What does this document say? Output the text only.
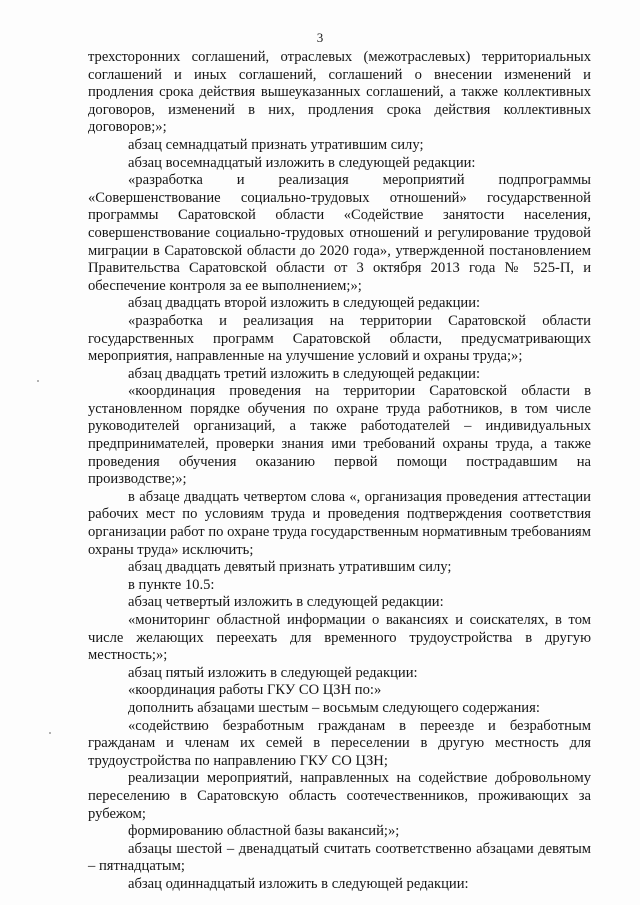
3

трехсторонних соглашений, отраслевых (межотраслевых) территориальных соглашений и иных соглашений, соглашений о внесении изменений и продления срока действия вышеуказанных соглашений, а также коллективных договоров, изменений в них, продления срока действия коллективных договоров;»;

абзац семнадцатый признать утратившим силу;

абзац восемнадцатый изложить в следующей редакции:

«разработка и реализация мероприятий подпрограммы «Совершенствование социально-трудовых отношений» государственной программы Саратовской области «Содействие занятости населения, совершенствование социально-трудовых отношений и регулирование трудовой миграции в Саратовской области до 2020 года», утвержденной постановлением Правительства Саратовской области от 3 октября 2013 года № 525-П, и обеспечение контроля за ее выполнением;»;

абзац двадцать второй изложить в следующей редакции:

«разработка и реализация на территории Саратовской области государственных программ Саратовской области, предусматривающих мероприятия, направленные на улучшение условий и охраны труда;»;

абзац двадцать третий изложить в следующей редакции:

«координация проведения на территории Саратовской области в установленном порядке обучения по охране труда работников, в том числе руководителей организаций, а также работодателей – индивидуальных предпринимателей, проверки знания ими требований охраны труда, а также проведения обучения оказанию первой помощи пострадавшим на производстве;»;

в абзаце двадцать четвертом слова «, организация проведения аттестации рабочих мест по условиям труда и проведения подтверждения соответствия организации работ по охране труда государственным нормативным требованиям охраны труда» исключить;

абзац двадцать девятый признать утратившим силу;

в пункте 10.5:

абзац четвертый изложить в следующей редакции:

«мониторинг областной информации о вакансиях и соискателях, в том числе желающих переехать для временного трудоустройства в другую местность;»;

абзац пятый изложить в следующей редакции:

«координация работы ГКУ СО ЦЗН по:»

дополнить абзацами шестым – восьмым следующего содержания:

«содействию безработным гражданам в переезде и безработным гражданам и членам их семей в переселении в другую местность для трудоустройства по направлению ГКУ СО ЦЗН;

реализации мероприятий, направленных на содействие добровольному переселению в Саратовскую область соотечественников, проживающих за рубежом;

формированию областной базы вакансий;»;

абзацы шестой – двенадцатый считать соответственно абзацами девятым – пятнадцатым;

абзац одиннадцатый изложить в следующей редакции:
